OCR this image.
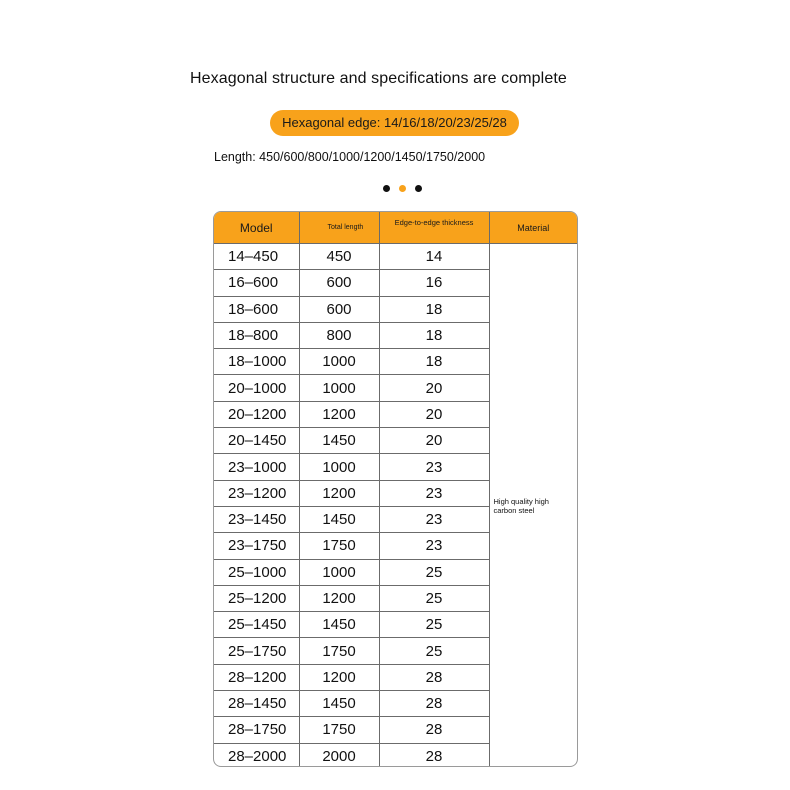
Hexagonal structure and specifications are complete
Hexagonal edge: 14/16/18/20/23/25/28
Length: 450/600/800/1000/1200/1450/1750/2000
Model	Total length	Edge-to-edge thickness	Material
14–450	450	14	High quality high carbon steel
16–600	600	16	
18–600	600	18	
18–800	800	18	
18–1000	1000	18	
20–1000	1000	20	
20–1200	1200	20	
20–1450	1450	20	
23–1000	1000	23	
23–1200	1200	23	
23–1450	1450	23	
23–1750	1750	23	
25–1000	1000	25	
25–1200	1200	25	
25–1450	1450	25	
25–1750	1750	25	
28–1200	1200	28	
28–1450	1450	28	
28–1750	1750	28	
28–2000	2000	28	
